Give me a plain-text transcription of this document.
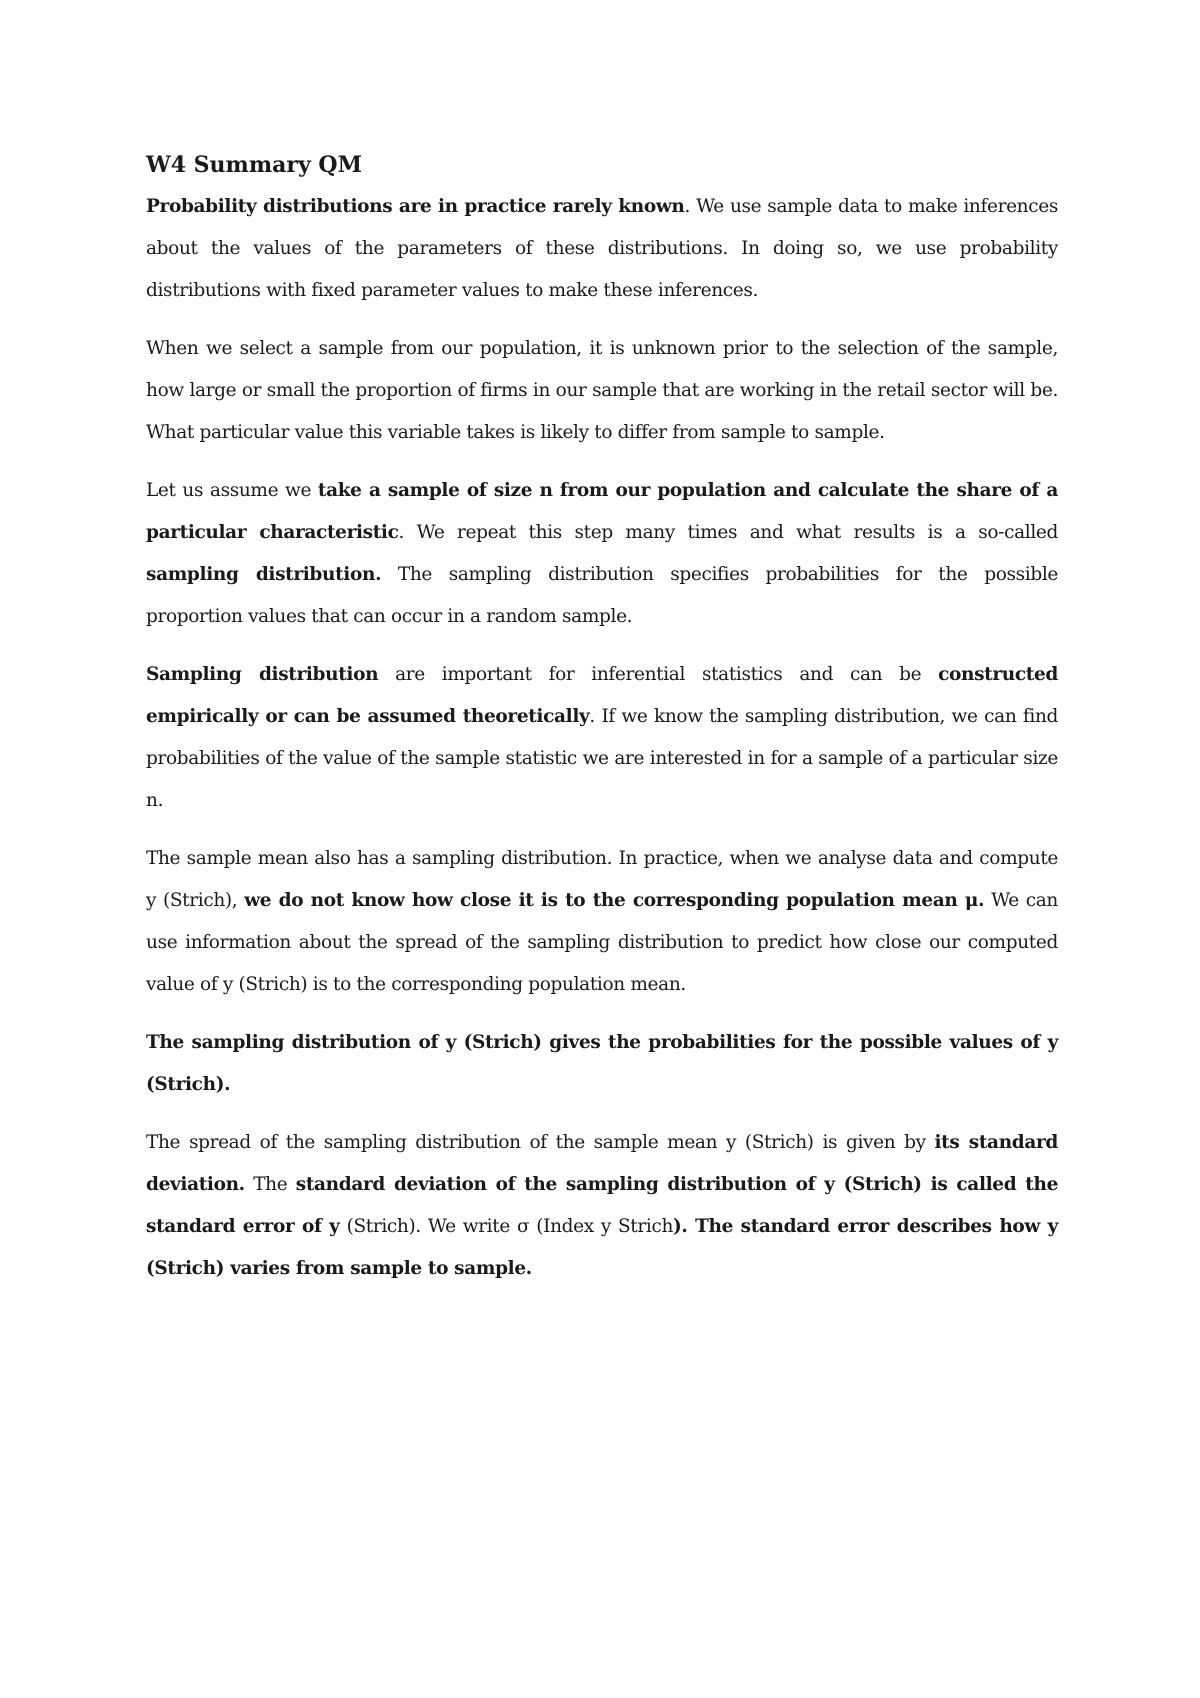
W4 Summary QM

Probability distributions are in practice rarely known. We use sample data to make inferences about the values of the parameters of these distributions. In doing so, we use probability distributions with fixed parameter values to make these inferences.

When we select a sample from our population, it is unknown prior to the selection of the sample, how large or small the proportion of firms in our sample that are working in the retail sector will be. What particular value this variable takes is likely to differ from sample to sample.

Let us assume we take a sample of size n from our population and calculate the share of a particular characteristic. We repeat this step many times and what results is a so-called sampling distribution. The sampling distribution specifies probabilities for the possible proportion values that can occur in a random sample.

Sampling distribution are important for inferential statistics and can be constructed empirically or can be assumed theoretically. If we know the sampling distribution, we can find probabilities of the value of the sample statistic we are interested in for a sample of a particular size n.

The sample mean also has a sampling distribution. In practice, when we analyse data and compute y (Strich), we do not know how close it is to the corresponding population mean μ. We can use information about the spread of the sampling distribution to predict how close our computed value of y (Strich) is to the corresponding population mean.

The sampling distribution of y (Strich) gives the probabilities for the possible values of y (Strich).

The spread of the sampling distribution of the sample mean y (Strich) is given by its standard deviation. The standard deviation of the sampling distribution of y (Strich) is called the standard error of y (Strich). We write σ (Index y Strich). The standard error describes how y (Strich) varies from sample to sample.
